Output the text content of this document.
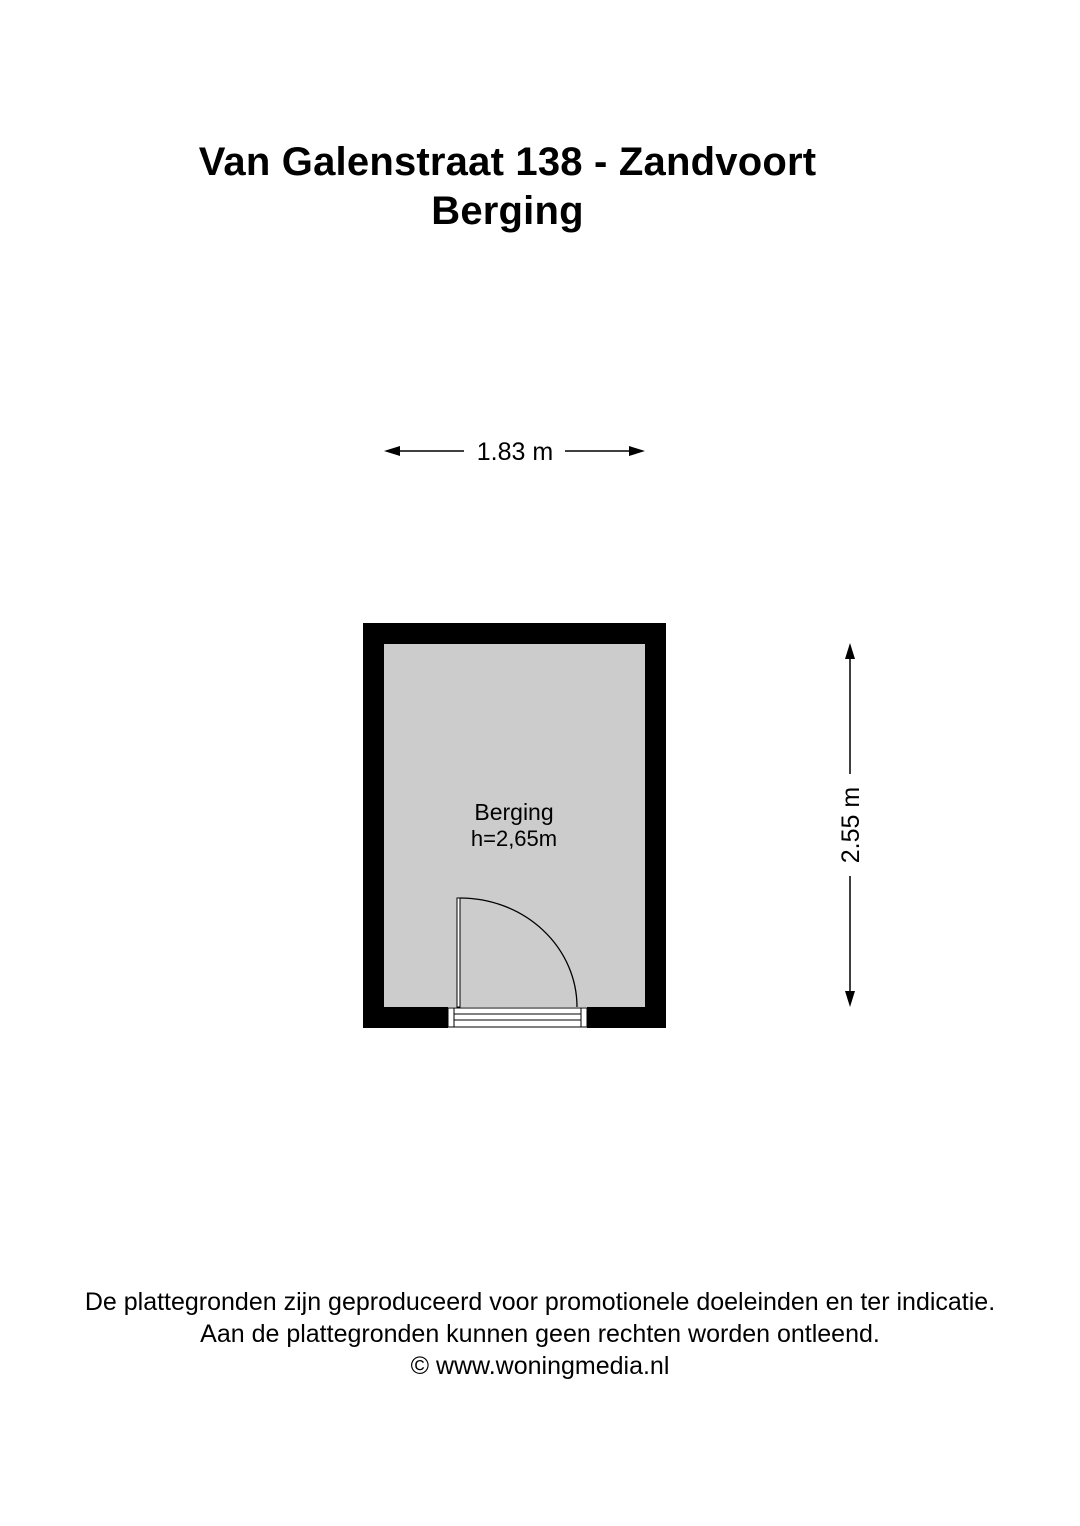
Van Galenstraat 138 - Zandvoort
Berging
1.83 m
2.55 m
Berging
h=2,65m
De plattegronden zijn geproduceerd voor promotionele doeleinden en ter indicatie.
Aan de plattegronden kunnen geen rechten worden ontleend.
© www.woningmedia.nl
